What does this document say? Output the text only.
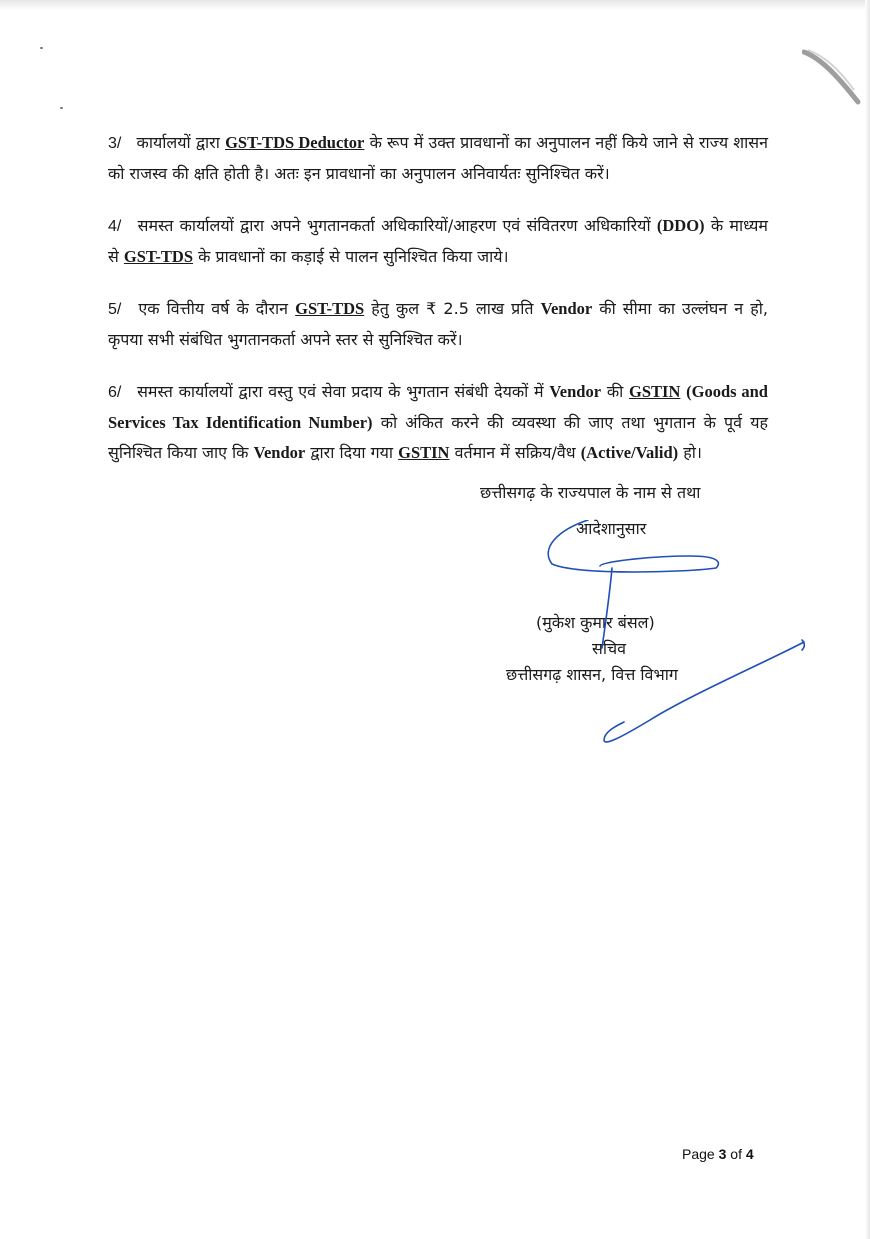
3/ कार्यालयों द्वारा GST-TDS Deductor के रूप में उक्त प्रावधानों का अनुपालन नहीं किये जाने से राज्य शासन को राजस्व की क्षति होती है। अतः इन प्रावधानों का अनुपालन अनिवार्यतः सुनिश्चित करें।

4/ समस्त कार्यालयों द्वारा अपने भुगतानकर्ता अधिकारियों/आहरण एवं संवितरण अधिकारियों (DDO) के माध्यम से GST-TDS के प्रावधानों का कड़ाई से पालन सुनिश्चित किया जाये।

5/ एक वित्तीय वर्ष के दौरान GST-TDS हेतु कुल ₹ 2.5 लाख प्रति Vendor की सीमा का उल्लंघन न हो, कृपया सभी संबंधित भुगतानकर्ता अपने स्तर से सुनिश्चित करें।

6/ समस्त कार्यालयों द्वारा वस्तु एवं सेवा प्रदाय के भुगतान संबंधी देयकों में Vendor की GSTIN (Goods and Services Tax Identification Number) को अंकित करने की व्यवस्था की जाए तथा भुगतान के पूर्व यह सुनिश्चित किया जाए कि Vendor द्वारा दिया गया GSTIN वर्तमान में सक्रिय/वैध (Active/Valid) हो।

छत्तीसगढ़ के राज्यपाल के नाम से तथा
आदेशानुसार
(मुकेश कुमार बंसल)
सचिव
छत्तीसगढ़ शासन, वित्त विभाग
Page 3 of 4
